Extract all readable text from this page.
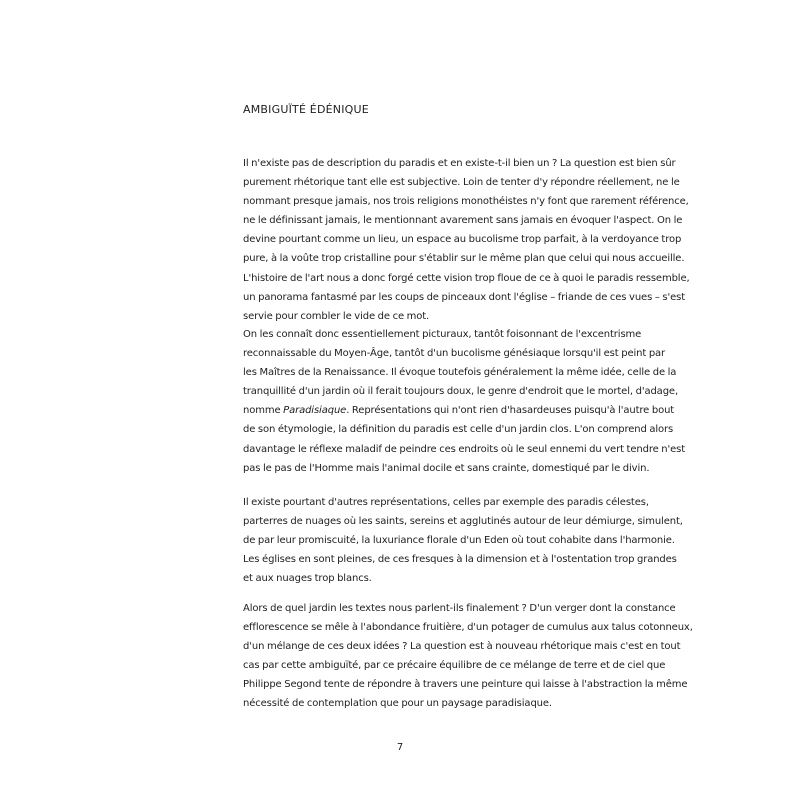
AMBIGUÏTÉ ÉDÉNIQUE

Il n'existe pas de description du paradis et en existe-t-il bien un ? La question est bien sûr
purement rhétorique tant elle est subjective. Loin de tenter d'y répondre réellement, ne le
nommant presque jamais, nos trois religions monothéistes n'y font que rarement référence,
ne le définissant jamais, le mentionnant avarement sans jamais en évoquer l'aspect. On le
devine pourtant comme un lieu, un espace au bucolisme trop parfait, à la verdoyance trop
pure, à la voûte trop cristalline pour s'établir sur le même plan que celui qui nous accueille.
L'histoire de l'art nous a donc forgé cette vision trop floue de ce à quoi le paradis ressemble,
un panorama fantasmé par les coups de pinceaux dont l'église – friande de ces vues – s'est
servie pour combler le vide de ce mot.

On les connaît donc essentiellement picturaux, tantôt foisonnant de l'excentrisme
reconnaissable du Moyen-Âge, tantôt d'un bucolisme génésiaque lorsqu'il est peint par
les Maîtres de la Renaissance. Il évoque toutefois généralement la même idée, celle de la
tranquillité d'un jardin où il ferait toujours doux, le genre d'endroit que le mortel, d'adage,
nomme Paradisiaque. Représentations qui n'ont rien d'hasardeuses puisqu'à l'autre bout
de son étymologie, la définition du paradis est celle d'un jardin clos. L'on comprend alors
davantage le réflexe maladif de peindre ces endroits où le seul ennemi du vert tendre n'est
pas le pas de l'Homme mais l'animal docile et sans crainte, domestiqué par le divin.

Il existe pourtant d'autres représentations, celles par exemple des paradis célestes,
parterres de nuages où les saints, sereins et agglutinés autour de leur démiurge, simulent,
de par leur promiscuité, la luxuriance florale d'un Eden où tout cohabite dans l'harmonie.
Les églises en sont pleines, de ces fresques à la dimension et à l'ostentation trop grandes
et aux nuages trop blancs.

Alors de quel jardin les textes nous parlent-ils finalement ? D'un verger dont la constance
efflorescence se mêle à l'abondance fruitière, d'un potager de cumulus aux talus cotonneux,
d'un mélange de ces deux idées ? La question est à nouveau rhétorique mais c'est en tout
cas par cette ambiguïté, par ce précaire équilibre de ce mélange de terre et de ciel que
Philippe Segond tente de répondre à travers une peinture qui laisse à l'abstraction la même
nécessité de contemplation que pour un paysage paradisiaque.

7
